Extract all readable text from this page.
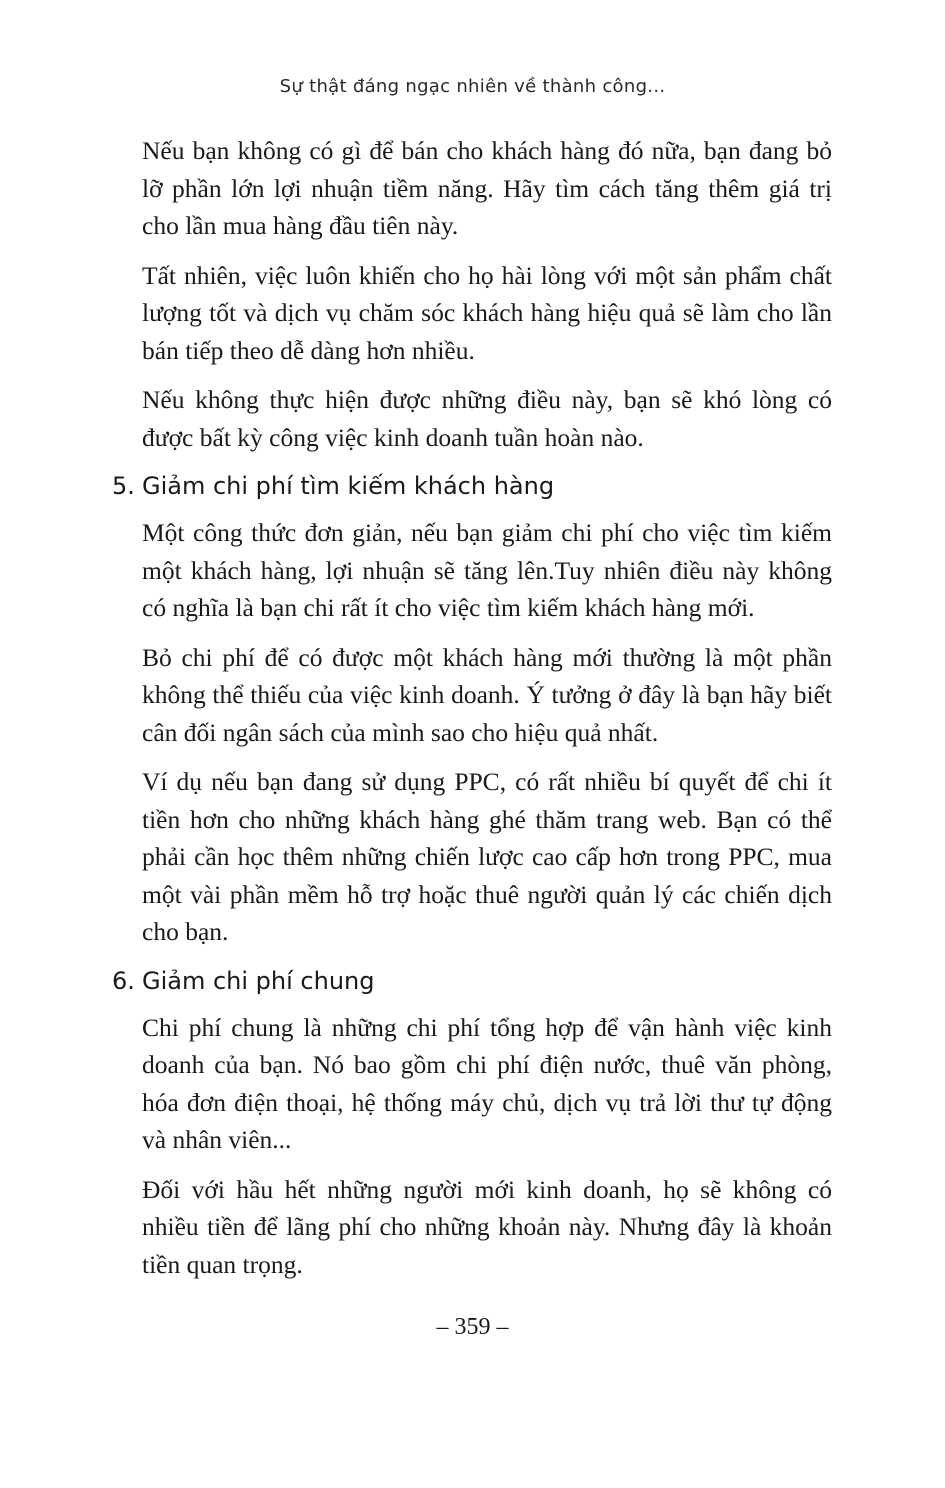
Sự thật đáng ngạc nhiên về thành công...

Nếu bạn không có gì để bán cho khách hàng đó nữa, bạn đang bỏ lỡ phần lớn lợi nhuận tiềm năng. Hãy tìm cách tăng thêm giá trị cho lần mua hàng đầu tiên này.

Tất nhiên, việc luôn khiến cho họ hài lòng với một sản phẩm chất lượng tốt và dịch vụ chăm sóc khách hàng hiệu quả sẽ làm cho lần bán tiếp theo dễ dàng hơn nhiều.

Nếu không thực hiện được những điều này, bạn sẽ khó lòng có được bất kỳ công việc kinh doanh tuần hoàn nào.

5. Giảm chi phí tìm kiếm khách hàng

Một công thức đơn giản, nếu bạn giảm chi phí cho việc tìm kiếm một khách hàng, lợi nhuận sẽ tăng lên.Tuy nhiên điều này không có nghĩa là bạn chi rất ít cho việc tìm kiếm khách hàng mới.

Bỏ chi phí để có được một khách hàng mới thường là một phần không thể thiếu của việc kinh doanh. Ý tưởng ở đây là bạn hãy biết cân đối ngân sách của mình sao cho hiệu quả nhất.

Ví dụ nếu bạn đang sử dụng PPC, có rất nhiều bí quyết để chi ít tiền hơn cho những khách hàng ghé thăm trang web. Bạn có thể phải cần học thêm những chiến lược cao cấp hơn trong PPC, mua một vài phần mềm hỗ trợ hoặc thuê người quản lý các chiến dịch cho bạn.

6. Giảm chi phí chung

Chi phí chung là những chi phí tổng hợp để vận hành việc kinh doanh của bạn. Nó bao gồm chi phí điện nước, thuê văn phòng, hóa đơn điện thoại, hệ thống máy chủ, dịch vụ trả lời thư tự động và nhân viên...

Đối với hầu hết những người mới kinh doanh, họ sẽ không có nhiều tiền để lãng phí cho những khoản này. Nhưng đây là khoản tiền quan trọng.

– 359 –
